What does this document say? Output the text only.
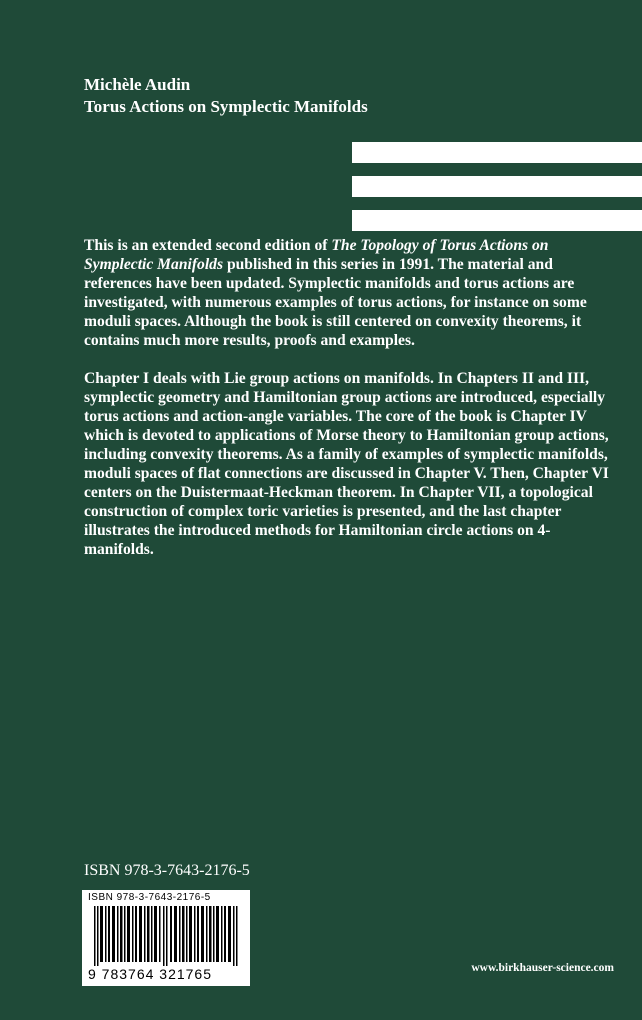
Michèle Audin
Torus Actions on Symplectic Manifolds

This is an extended second edition of The Topology of Torus Actions on Symplectic Manifolds published in this series in 1991. The material and references have been updated. Symplectic manifolds and torus actions are investigated, with numerous examples of torus actions, for instance on some moduli spaces. Although the book is still centered on convexity theorems, it contains much more results, proofs and examples.

Chapter I deals with Lie group actions on manifolds. In Chapters II and III, symplectic geometry and Hamiltonian group actions are introduced, especially torus actions and action-angle variables. The core of the book is Chapter IV which is devoted to applications of Morse theory to Hamiltonian group actions, including convexity theorems. As a family of examples of symplectic manifolds, moduli spaces of flat connections are discussed in Chapter V. Then, Chapter VI centers on the Duistermaat-Heckman theorem. In Chapter VII, a topological construction of complex toric varieties is presented, and the last chapter illustrates the introduced methods for Hamiltonian circle actions on 4-manifolds.

ISBN 978-3-7643-2176-5
ISBN 978-3-7643-2176-5
9 783764 321765	www.birkhauser-science.com
